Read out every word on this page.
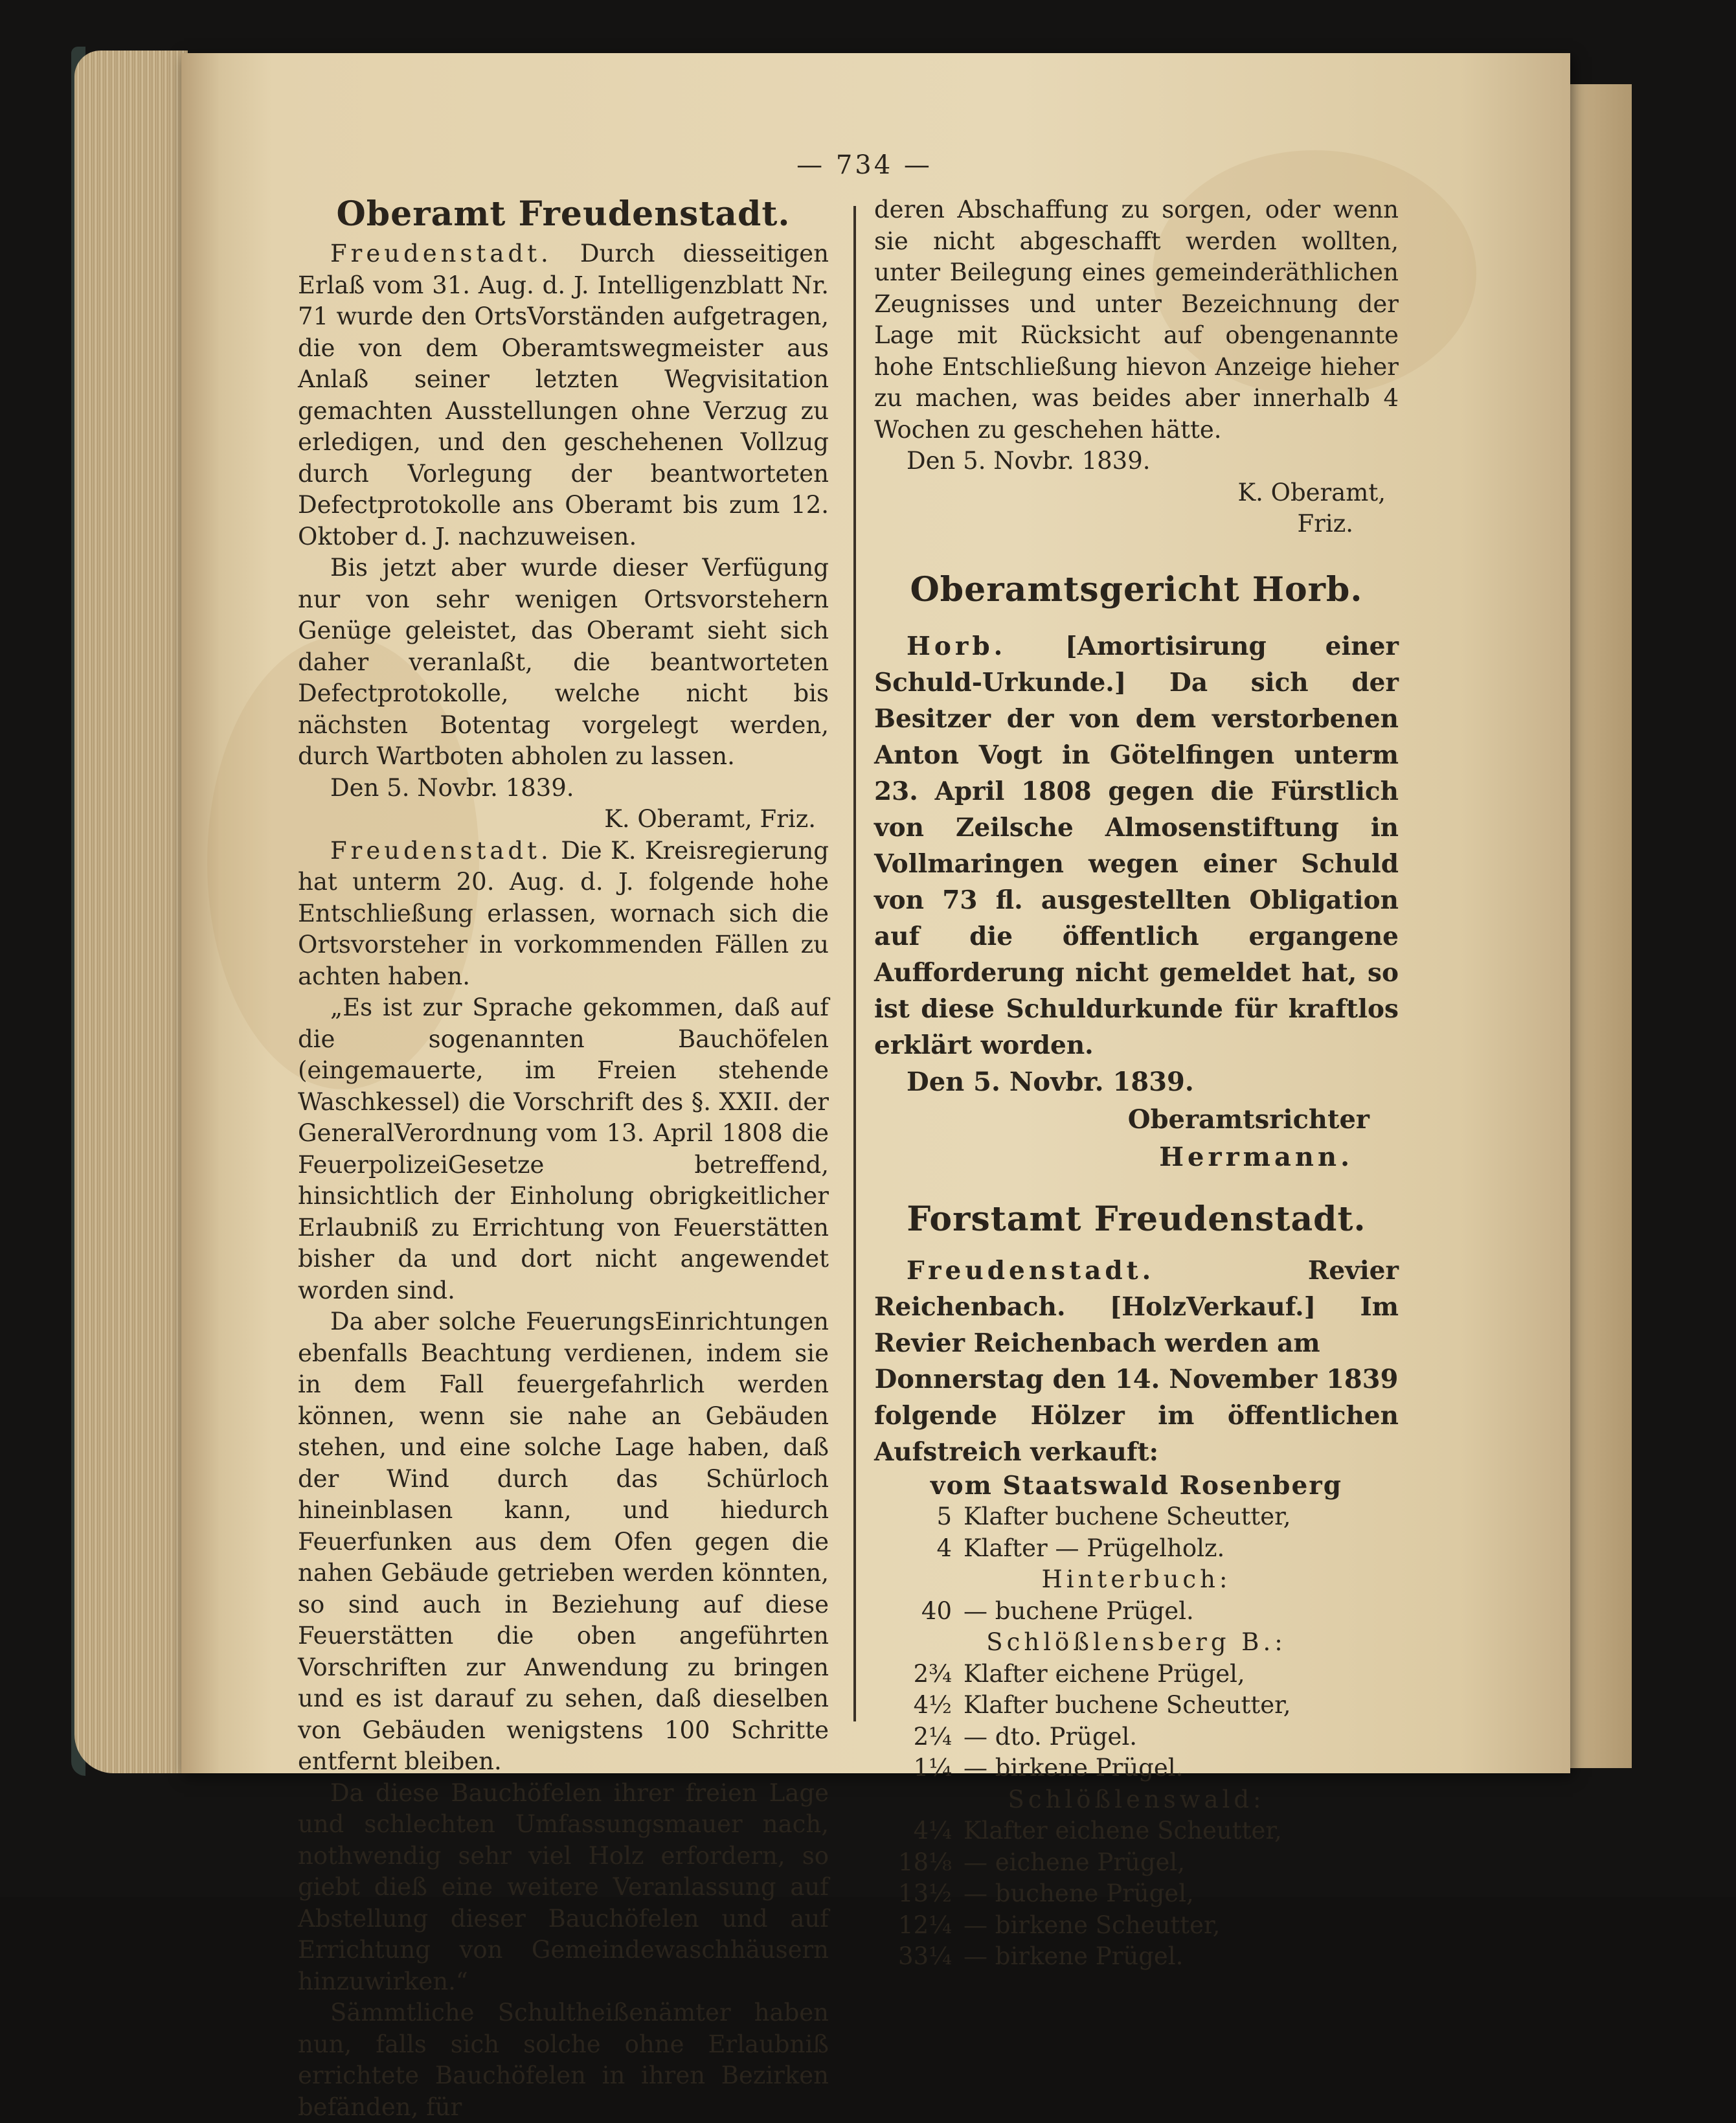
— 734 —

Oberamt Freudenstadt.

Freudenstadt. Durch diesseitigen Erlaß vom 31. Aug. d. J. Intelligenzblatt Nr. 71 wurde den OrtsVorständen aufgetragen, die von dem Oberamtswegmeister aus Anlaß seiner letzten Wegvisitation gemachten Ausstellungen ohne Verzug zu erledigen, und den geschehenen Vollzug durch Vorlegung der beantworteten Defectprotokolle ans Oberamt bis zum 12. Oktober d. J. nachzuweisen.

Bis jetzt aber wurde dieser Verfügung nur von sehr wenigen Ortsvorstehern Genüge geleistet, das Oberamt sieht sich daher veranlaßt, die beantworteten Defectprotokolle, welche nicht bis nächsten Botentag vorgelegt werden, durch Wartboten abholen zu lassen.

Den 5. Novbr. 1839.

K. Oberamt, Friz.

Freudenstadt. Die K. Kreisregierung hat unterm 20. Aug. d. J. folgende hohe Entschließung erlassen, wornach sich die Ortsvorsteher in vorkommenden Fällen zu achten haben.

„Es ist zur Sprache gekommen, daß auf die sogenannten Bauchöfelen (eingemauerte, im Freien stehende Waschkessel) die Vorschrift des §. XXII. der GeneralVerordnung vom 13. April 1808 die FeuerpolizeiGesetze betreffend, hinsichtlich der Einholung obrigkeitlicher Erlaubniß zu Errichtung von Feuerstätten bisher da und dort nicht angewendet worden sind.

Da aber solche FeuerungsEinrichtungen ebenfalls Beachtung verdienen, indem sie in dem Fall feuergefahrlich werden können, wenn sie nahe an Gebäuden stehen, und eine solche Lage haben, daß der Wind durch das Schürloch hineinblasen kann, und hiedurch Feuerfunken aus dem Ofen gegen die nahen Gebäude getrieben werden könnten, so sind auch in Beziehung auf diese Feuerstätten die oben angeführten Vorschriften zur Anwendung zu bringen und es ist darauf zu sehen, daß dieselben von Gebäuden wenigstens 100 Schritte entfernt bleiben.

Da diese Bauchöfelen ihrer freien Lage und schlechten Umfassungsmauer nach, nothwendig sehr viel Holz erfordern, so giebt dieß eine weitere Veranlassung auf Abstellung dieser Bauchöfelen und auf Errichtung von Gemeindewaschhäusern hinzuwirken.“

Sämmtliche Schultheißenämter haben nun, falls sich solche ohne Erlaubniß errichtete Bauchöfelen in ihren Bezirken befänden, für

deren Abschaffung zu sorgen, oder wenn sie nicht abgeschafft werden wollten, unter Beilegung eines gemeinderäthlichen Zeugnisses und unter Bezeichnung der Lage mit Rücksicht auf obengenannte hohe Entschließung hievon Anzeige hieher zu machen, was beides aber innerhalb 4 Wochen zu geschehen hätte.

Den 5. Novbr. 1839.

K. Oberamt,

Friz.

Oberamtsgericht Horb.

Horb. [Amortisirung einer Schuld-Urkunde.] Da sich der Besitzer der von dem verstorbenen Anton Vogt in Götelfingen unterm 23. April 1808 gegen die Fürstlich von Zeilsche Almosenstiftung in Vollmaringen wegen einer Schuld von 73 fl. ausgestellten Obligation auf die öffentlich ergangene Aufforderung nicht gemeldet hat, so ist diese Schuldurkunde für kraftlos erklärt worden.

Den 5. Novbr. 1839.

Oberamtsrichter

Herrmann.

Forstamt Freudenstadt.

Freudenstadt. Revier Reichenbach. [HolzVerkauf.] Im Revier Reichenbach werden am

Donnerstag den 14. November 1839

folgende Hölzer im öffentlichen Aufstreich verkauft:

vom Staatswald Rosenberg

5 Klafter buchene Scheutter,
4 Klafter — Prügelholz.

Hinterbuch:

40 — buchene Prügel.

Schlößlensberg B.:

2¾ Klafter eichene Prügel,
4½ Klafter buchene Scheutter,
2¼ — dto. Prügel.
1¼ — birkene Prügel.

Schlößlenswald:

4¼ Klafter eichene Scheutter,
18⅛ — eichene Prügel,
13½ — buchene Prügel,
12¼ — birkene Scheutter,
33¼ — birkene Prügel.
